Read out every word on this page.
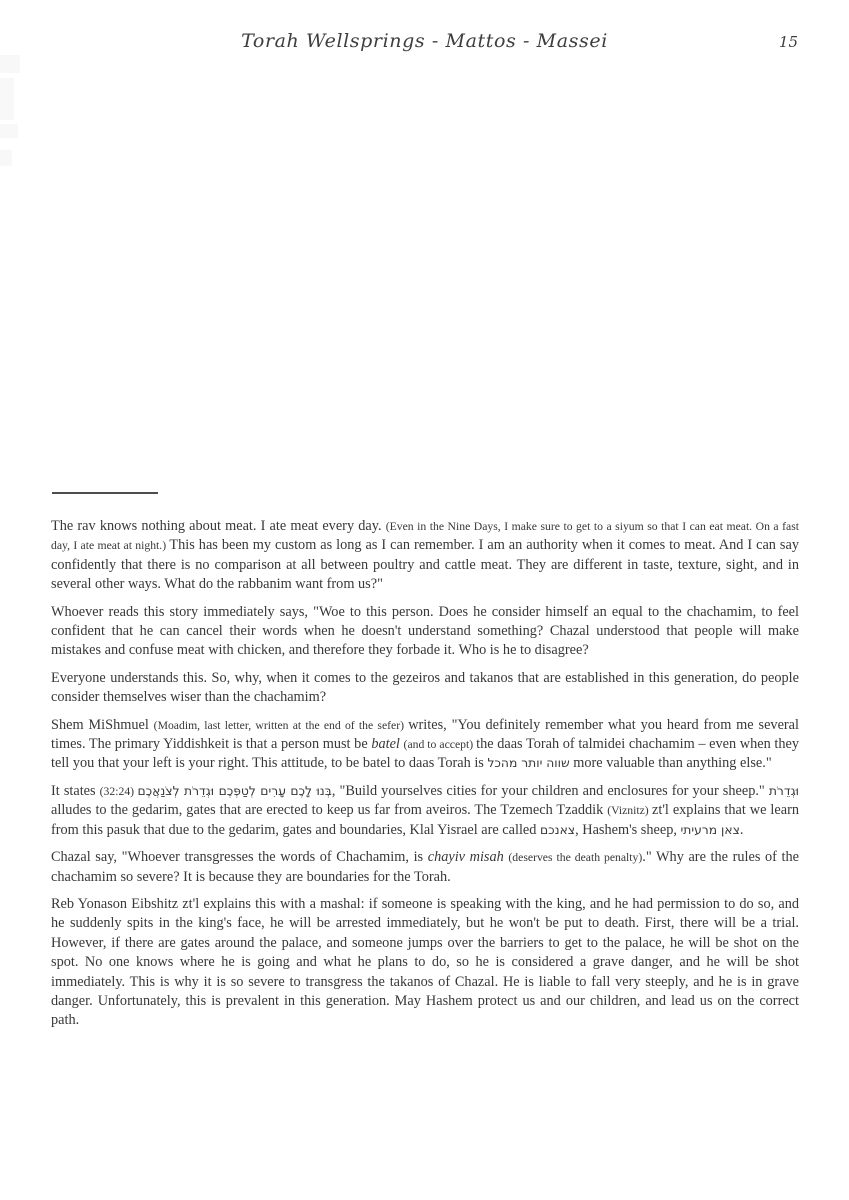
Torah Wellsprings - Mattos - Massei	15

The rav knows nothing about meat. I ate meat every day. (Even in the Nine Days, I make sure to get to a siyum so that I can eat meat. On a fast day, I ate meat at night.) This has been my custom as long as I can remember. I am an authority when it comes to meat. And I can say confidently that there is no comparison at all between poultry and cattle meat. They are different in taste, texture, sight, and in several other ways. What do the rabbanim want from us?"

Whoever reads this story immediately says, "Woe to this person. Does he consider himself an equal to the chachamim, to feel confident that he can cancel their words when he doesn't understand something? Chazal understood that people will make mistakes and confuse meat with chicken, and therefore they forbade it. Who is he to disagree?

Everyone understands this. So, why, when it comes to the gezeiros and takanos that are established in this generation, do people consider themselves wiser than the chachamim?

Shem MiShmuel (Moadim, last letter, written at the end of the sefer) writes, "You definitely remember what you heard from me several times. The primary Yiddishkeit is that a person must be batel (and to accept) the daas Torah of talmidei chachamim – even when they tell you that your left is your right. This attitude, to be batel to daas Torah is שווה יותר מהכל more valuable than anything else."

It states (32:24) בְּנוּ לָכֶם עָרִים לְטַפְּכֶם וּגְדֵרֹת לְצֹנַאֲכֶם, "Build yourselves cities for your children and enclosures for your sheep." וּגְדֵרֹת alludes to the gedarim, gates that are erected to keep us far from aveiros. The Tzemech Tzaddik (Viznitz) zt'l explains that we learn from this pasuk that due to the gedarim, gates and boundaries, Klal Yisrael are called צאנכם, Hashem's sheep, צאן מרעיתי.

Chazal say, "Whoever transgresses the words of Chachamim, is chayiv misah (deserves the death penalty)." Why are the rules of the chachamim so severe? It is because they are boundaries for the Torah.

Reb Yonason Eibshitz zt'l explains this with a mashal: if someone is speaking with the king, and he had permission to do so, and he suddenly spits in the king's face, he will be arrested immediately, but he won't be put to death. First, there will be a trial. However, if there are gates around the palace, and someone jumps over the barriers to get to the palace, he will be shot on the spot. No one knows where he is going and what he plans to do, so he is considered a grave danger, and he will be shot immediately. This is why it is so severe to transgress the takanos of Chazal. He is liable to fall very steeply, and he is in grave danger. Unfortunately, this is prevalent in this generation. May Hashem protect us and our children, and lead us on the correct path.
